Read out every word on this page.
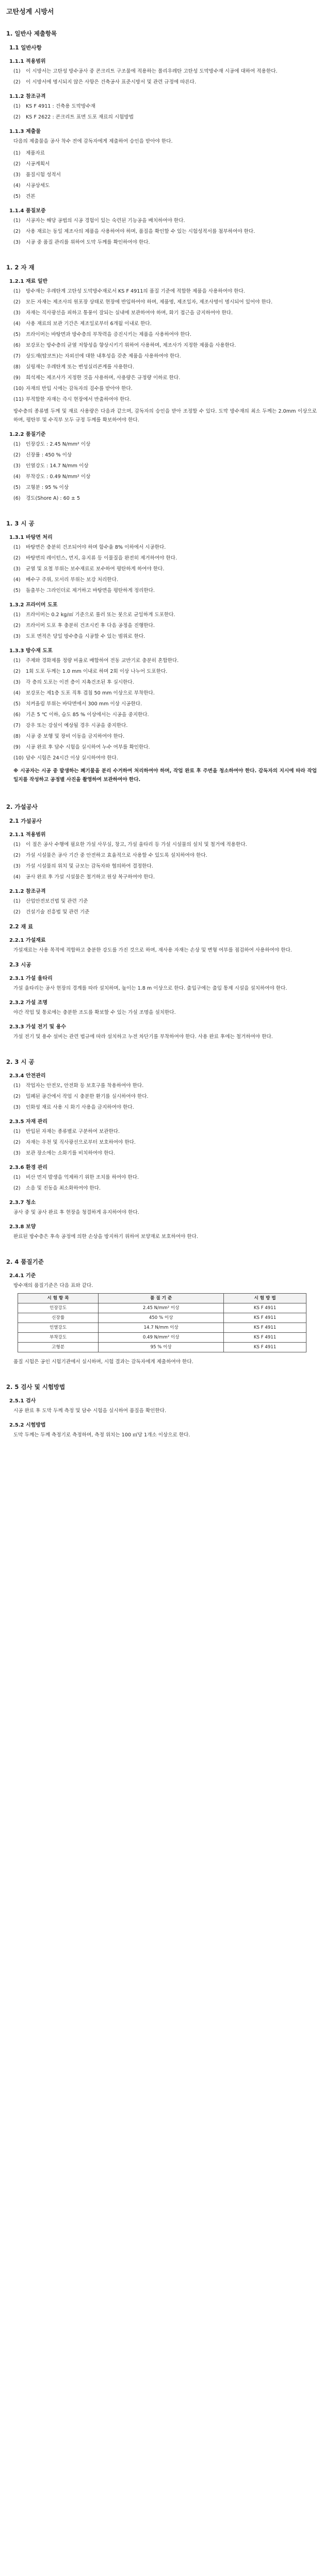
고탄성계 시방서
1. 일반사 제출항목
1.1 일반사항
1.1.1 적용범위
(1) 이 시방서는 고탄성 방수공사 중 콘크리트 구조물에 적용하는 폴리우레탄 고탄성 도막방수재 시공에 대하여 적용한다.
(2) 이 시방서에 명시되지 않은 사항은 건축공사 표준시방서 및 관련 규정에 따른다.
1.1.2 참조규격
(1) KS F 4911 : 건축용 도막방수재
(2) KS F 2622 : 콘크리트 표면 도포 재료의 시험방법
1.1.3 제출물

다음의 제출물을 공사 착수 전에 감독자에게 제출하여 승인을 받아야 한다.

(1) 제품자료
(2) 시공계획서
(3) 품질시험 성적서
(4) 시공상세도
(5) 견본
1.1.4 품질보증
(1) 시공자는 해당 공법의 시공 경험이 있는 숙련된 기능공을 배치하여야 한다.
(2) 사용 재료는 동일 제조사의 제품을 사용하여야 하며, 품질을 확인할 수 있는 시험성적서를 첨부하여야 한다.
(3) 시공 중 품질 관리를 위하여 도막 두께를 확인하여야 한다.
1. 2 자 재
1.2.1 재료 일반
(1) 방수재는 우레탄계 고탄성 도막방수재로서 KS F 4911의 품질 기준에 적합한 제품을 사용하여야 한다.
(2) 모든 자재는 제조사의 원포장 상태로 현장에 반입하여야 하며, 제품명, 제조일자, 제조사명이 명시되어 있어야 한다.
(3) 자재는 직사광선을 피하고 통풍이 잘되는 실내에 보관하여야 하며, 화기 접근을 금지하여야 한다.
(4) 사용 재료의 보관 기간은 제조일로부터 6개월 이내로 한다.
(5) 프라이머는 바탕면과 방수층의 부착력을 증진시키는 제품을 사용하여야 한다.
(6) 보강포는 방수층의 균열 저항성을 향상시키기 위하여 사용하며, 제조사가 지정한 제품을 사용한다.
(7) 상도재(탑코트)는 자외선에 대한 내후성을 갖춘 제품을 사용하여야 한다.
(8) 실링재는 우레탄계 또는 변성실리콘계를 사용한다.
(9) 희석제는 제조사가 지정한 것을 사용하며, 사용량은 규정량 이하로 한다.
(10) 자재의 반입 시에는 감독자의 검수를 받아야 한다.
(11) 부적합한 자재는 즉시 현장에서 반출하여야 한다.

방수층의 종류별 두께 및 재료 사용량은 다음과 같으며, 감독자의 승인을 받아 조정할 수 있다. 도막 방수재의 최소 두께는 2.0mm 이상으로 하며, 평탄부 및 수직부 모두 규정 두께를 확보하여야 한다.

1.2.2 품질기준
(1) 인장강도 : 2.45 N/mm² 이상
(2) 신장률 : 450 % 이상
(3) 인열강도 : 14.7 N/mm 이상
(4) 부착강도 : 0.49 N/mm² 이상
(5) 고형분 : 95 % 이상
(6) 경도(Shore A) : 60 ± 5
1. 3 시 공
1.3.1 바탕면 처리
(1) 바탕면은 충분히 건조되어야 하며 함수율 8% 이하에서 시공한다.
(2) 바탕면의 레이턴스, 먼지, 유지류 등 이물질을 완전히 제거하여야 한다.
(3) 균열 및 요철 부위는 보수재료로 보수하여 평탄하게 하여야 한다.
(4) 배수구 주위, 모서리 부위는 보강 처리한다.
(5) 돌출부는 그라인더로 제거하고 바탕면을 평탄하게 정리한다.
1.3.2 프라이머 도포
(1) 프라이머는 0.2 kg/㎡ 기준으로 롤러 또는 붓으로 균일하게 도포한다.
(2) 프라이머 도포 후 충분히 건조시킨 후 다음 공정을 진행한다.
(3) 도포 면적은 당일 방수층을 시공할 수 있는 범위로 한다.
1.3.3 방수재 도포
(1) 주제와 경화제를 정량 비율로 배합하여 전동 교반기로 충분히 혼합한다.
(2) 1회 도포 두께는 1.0 mm 이내로 하며 2회 이상 나누어 도포한다.
(3) 각 층의 도포는 이전 층이 지촉건조된 후 실시한다.
(4) 보강포는 제1층 도포 직후 겹침 50 mm 이상으로 부착한다.
(5) 치켜올림 부위는 바닥면에서 300 mm 이상 시공한다.
(6) 기온 5 ℃ 이하, 습도 85 % 이상에서는 시공을 중지한다.
(7) 강우 또는 강설이 예상될 경우 시공을 중지한다.
(8) 시공 중 보행 및 장비 이동을 금지하여야 한다.
(9) 시공 완료 후 담수 시험을 실시하여 누수 여부를 확인한다.
(10) 담수 시험은 24시간 이상 실시하여야 한다.

※ 시공자는 시공 중 발생하는 폐기물을 분리 수거하여 처리하여야 하며, 작업 완료 후 주변을 청소하여야 한다. 감독자의 지시에 따라 작업 일지를 작성하고 공정별 사진을 촬영하여 보관하여야 한다.

2. 가설공사
2.1 가설공사
2.1.1 적용범위
(1) 이 절은 공사 수행에 필요한 가설 사무실, 창고, 가설 울타리 등 가설 시설물의 설치 및 철거에 적용한다.
(2) 가설 시설물은 공사 기간 중 안전하고 효율적으로 사용할 수 있도록 설치하여야 한다.
(3) 가설 시설물의 위치 및 규모는 감독자와 협의하여 결정한다.
(4) 공사 완료 후 가설 시설물은 철거하고 원상 복구하여야 한다.
2.1.2 참조규격
(1) 산업안전보건법 및 관련 기준
(2) 건설기술 진흥법 및 관련 기준
2.2 재 료
2.2.1 가설재료

가설재료는 사용 목적에 적합하고 충분한 강도를 가진 것으로 하며, 재사용 자재는 손상 및 변형 여부를 점검하여 사용하여야 한다.

2.3 시공
2.3.1 가설 울타리

가설 울타리는 공사 현장의 경계를 따라 설치하며, 높이는 1.8 m 이상으로 한다. 출입구에는 출입 통제 시설을 설치하여야 한다.

2.3.2 가설 조명

야간 작업 및 통로에는 충분한 조도를 확보할 수 있는 가설 조명을 설치한다.

2.3.3 가설 전기 및 용수

가설 전기 및 용수 설비는 관련 법규에 따라 설치하고 누전 차단기를 부착하여야 한다. 사용 완료 후에는 철거하여야 한다.

2. 3 시 공
2.3.4 안전관리
(1) 작업자는 안전모, 안전화 등 보호구를 착용하여야 한다.
(2) 밀폐된 공간에서 작업 시 충분한 환기를 실시하여야 한다.
(3) 인화성 재료 사용 시 화기 사용을 금지하여야 한다.
2.3.5 자재 관리
(1) 반입된 자재는 종류별로 구분하여 보관한다.
(2) 자재는 우천 및 직사광선으로부터 보호하여야 한다.
(3) 보관 장소에는 소화기를 비치하여야 한다.
2.3.6 환경 관리
(1) 비산 먼지 발생을 억제하기 위한 조치를 하여야 한다.
(2) 소음 및 진동을 최소화하여야 한다.
2.3.7 청소

공사 중 및 공사 완료 후 현장을 청결하게 유지하여야 한다.

2.3.8 보양

완료된 방수층은 후속 공정에 의한 손상을 방지하기 위하여 보양재로 보호하여야 한다.

2. 4 품질기준
2.4.1 기준

방수재의 품질기준은 다음 표와 같다.

시 험 항 목	품 질 기 준	시 험 방 법
인장강도	2.45 N/mm² 이상	KS F 4911
신장률	450 % 이상	KS F 4911
인열강도	14.7 N/mm 이상	KS F 4911
부착강도	0.49 N/mm² 이상	KS F 4911
고형분	95 % 이상	KS F 4911

품질 시험은 공인 시험기관에서 실시하며, 시험 결과는 감독자에게 제출하여야 한다.

2. 5 검사 및 시험방법
2.5.1 검사

시공 완료 후 도막 두께 측정 및 담수 시험을 실시하여 품질을 확인한다.

2.5.2 시험방법

도막 두께는 두께 측정기로 측정하며, 측정 위치는 100 ㎡당 1개소 이상으로 한다.
